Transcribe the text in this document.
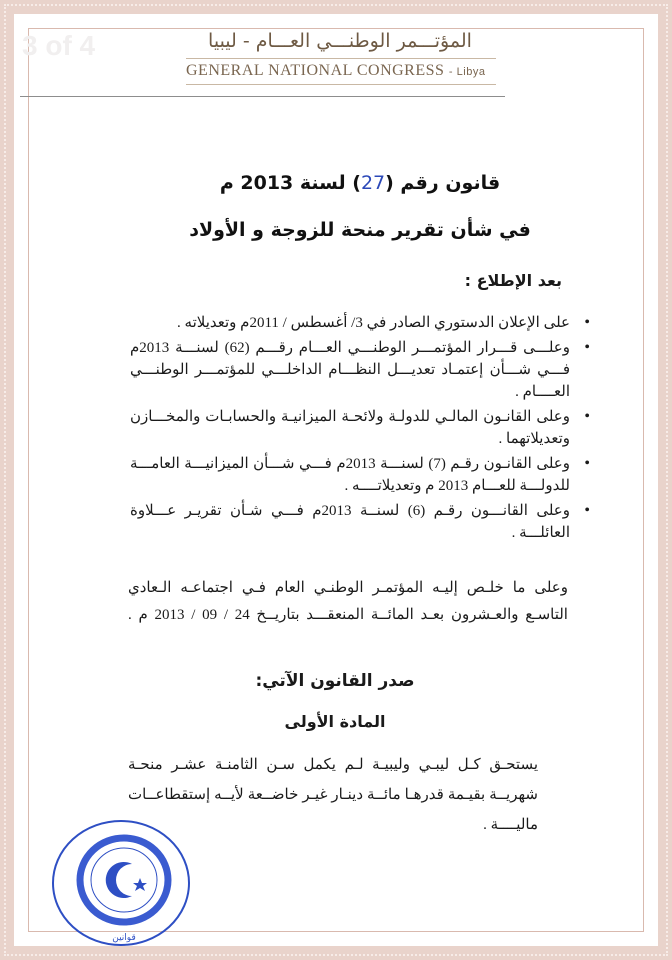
3 of 4	المؤتـــمر الوطنـــي العـــام - ليبيا
GENERAL NATIONAL CONGRESS - Libya
قانون رقم (27) لسنة 2013 م
في شأن تقرير منحة للزوجة و الأولاد
بعد الإطلاع :
• على الإعلان الدستوري الصادر في 3/ أغسطس / 2011م وتعديلاته .
• وعلـــى قـــرار المؤتمـــر الوطنـــي العـــام رقـــم (62) لسنـــة 2013م فـــي شـــأن إعتمـاد تعديـــل النظـــام الداخلـــي للمؤتمـــر الوطنـــي العــــام .
• وعلى القانـون المالـي للدولـة ولائحـة الميزانيـة والحسابـات والمخـــازن وتعديلاتهما .
• وعلى القانـون رقـم (7) لسنـــة 2013م فـــي شـــأن الميزانيـــة العامـــة للدولـــة للعـــام 2013 م وتعديلاتــــه .
• وعلى القانـــون رقـم (6) لسنــة 2013م فـــي شـأن تقريـر عـــلاوة العائلـــة .

وعلى ما خلـص إليـه المؤتمـر الوطنـي العام فـي اجتماعـه الـعادي

التاسـع والعـشرون بعـد المائــة المنعقـــد بتاريــخ 24 / 09 / 2013 م .

صدر القانون الآتي:
المادة الأولى

يستحـق كـل ليبـي وليبيـة لـم يكمل سـن الثامنـة عشـر منحـة

شهريــة بقيـمة قدرهـا مائــة دينـار غيـر خاضــعة لأيــه إستقطاعــات

ماليــــة .

قوانين
